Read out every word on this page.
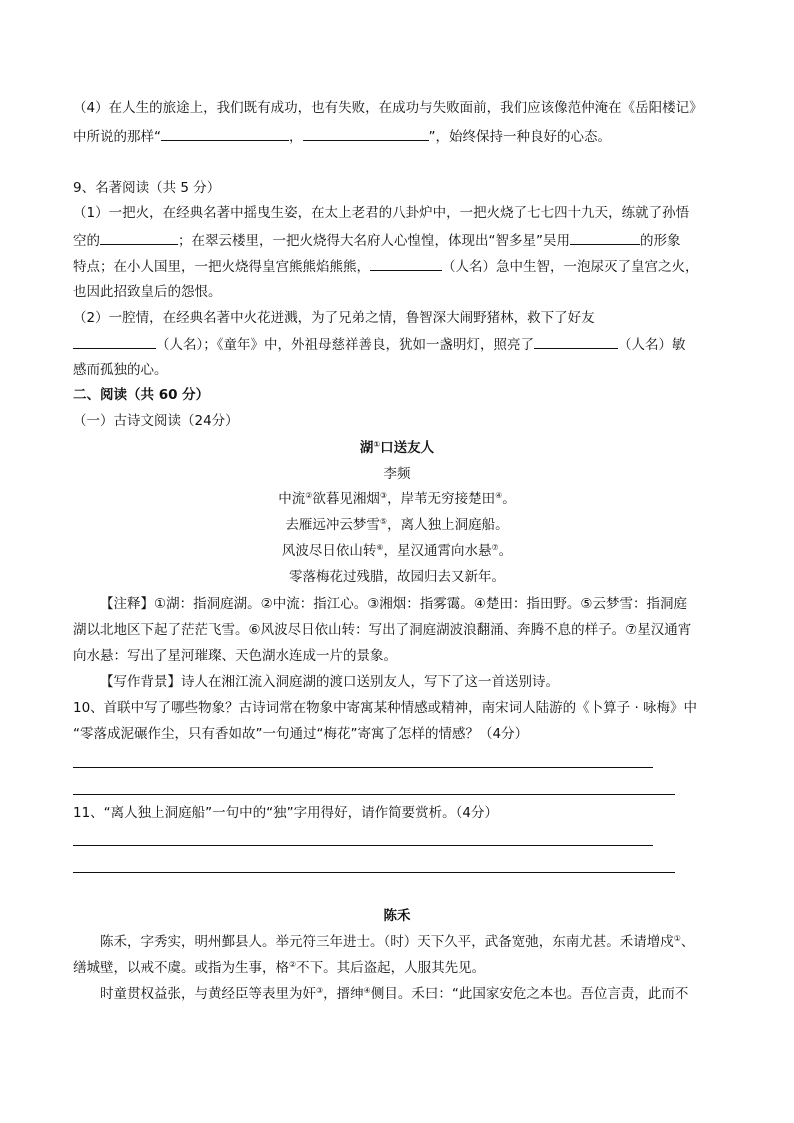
（4）在人生的旅途上，我们既有成功，也有失败，在成功与失败面前，我们应该像范仲淹在《岳阳楼记》
中所说的那样“	，	”，始终保持一种良好的心态。
9、名著阅读（共 5 分）
（1）一把火，在经典名著中摇曳生姿，在太上老君的八卦炉中，一把火烧了七七四十九天，练就了孙悟
空的	；在翠云楼里，一把火烧得大名府人心惶惶，体现出“智多星”吴用	的形象
特点；在小人国里，一把火烧得皇宫熊熊焰熊熊，	（人名）急中生智，一泡尿灭了皇宫之火，
也因此招致皇后的怨恨。
（2）一腔情，在经典名著中火花迸溅，为了兄弟之情，鲁智深大闹野猪林，救下了好友
（人名）；《童年》中，外祖母慈祥善良，犹如一盏明灯，照亮了	（人名）敏
感而孤独的心。
二、阅读（共 60 分）
（一）古诗文阅读（24分）
湖①口送友人
李频
中流②欲暮见湘烟③，岸苇无穷接楚田④。
去雁远冲云梦雪⑤，离人独上洞庭船。
风波尽日依山转⑥，星汉通霄向水悬⑦。
零落梅花过残腊，故园归去又新年。
【注释】①湖：指洞庭湖。②中流：指江心。③湘烟：指雾霭。④楚田：指田野。⑤云梦雪：指洞庭
湖以北地区下起了茫茫飞雪。⑥风波尽日依山转：写出了洞庭湖波浪翻涌、奔腾不息的样子。⑦星汉通宵
向水悬：写出了星河璀璨、天色湖水连成一片的景象。
【写作背景】诗人在湘江流入洞庭湖的渡口送别友人，写下了这一首送别诗。
10、首联中写了哪些物象？古诗词常在物象中寄寓某种情感或精神，南宋词人陆游的《卜算子 · 咏梅》中
“零落成泥碾作尘，只有香如故”一句通过“梅花”寄寓了怎样的情感？（4分）
11、“离人独上洞庭船”一句中的“独”字用得好，请作简要赏析。（4分）
陈禾
陈禾，字秀实，明州鄞县人。举元符三年进士。（时）天下久平，武备宽弛，东南尤甚。禾请增戍①、
缮城壁，以戒不虞。或指为生事，格②不下。其后盗起，人服其先见。
时童贯权益张，与黄经臣等表里为奸③，搢绅④侧目。禾曰：“此国家安危之本也。吾位言责，此而不
